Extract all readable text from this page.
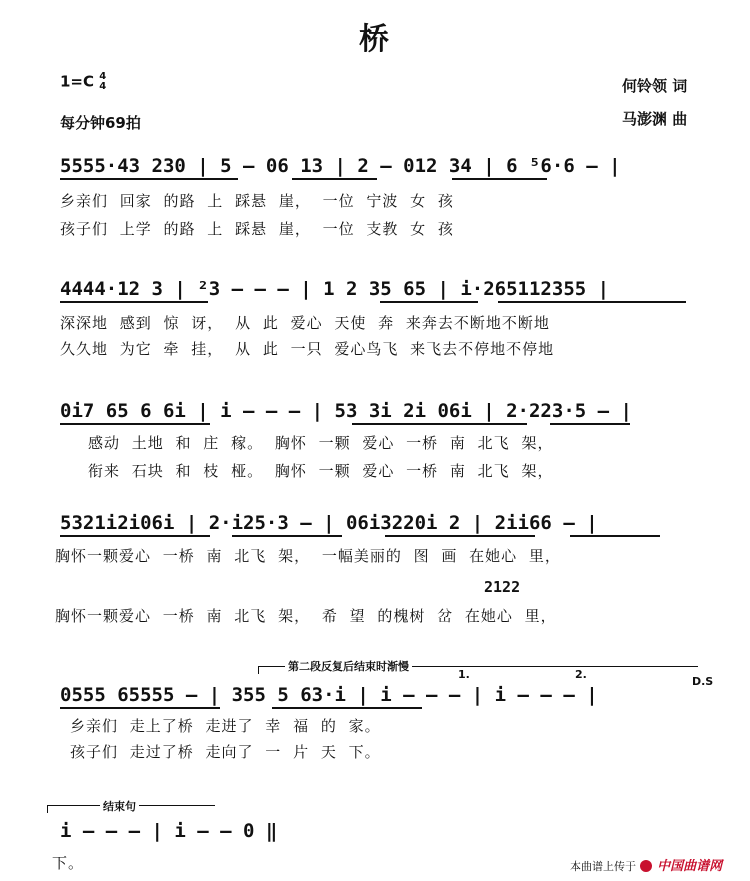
桥
1=C 4
4
每分钟69拍
何铃领 词
马澎渊 曲
5555·43 230 | 5 – 06 13 | 2 – 012 34 | 6 ⁵6·6 – |
乡亲们 回家 的路 上 踩悬 崖， 一位 宁波 女 孩
孩子们 上学 的路 上 踩悬 崖， 一位 支教 女 孩
4444·12 3 | ²3 – – – | 1 2 35 65 | i·265112355 |
深深地 感到 惊 讶， 从 此 爱心 天使 奔 来奔去不断地不断地
久久地 为它 牵 挂， 从 此 一只 爱心鸟飞 来飞去不停地不停地
0i7 65 6 6i | i – – – | 53 3i 2i 06i | 2·223·5 – |
感动 土地 和 庄 稼。 胸怀 一颗 爱心 一桥 南 北飞 架，
衔来 石块 和 枝 桠。 胸怀 一颗 爱心 一桥 南 北飞 架，
5321i2i06i | 2·i25·3 – | 06i3220i 2 | 2ii66 – |
胸怀一颗爱心 一桥 南 北飞 架， 一幅美丽的 图 画 在她心 里，
2122
胸怀一颗爱心 一桥 南 北飞 架， 希 望 的槐树 岔 在她心 里，
第二段反复后结束时渐慢
1.	2.
D.S
0555 65555 – | 355 5 63·i | i – – – | i – – – |
乡亲们 走上了桥 走进了 幸 福 的 家。
孩子们 走过了桥 走向了 一 片 天 下。
结束句
i – – – | i – – 0 ‖
下。	本曲谱上传于	中国曲谱网
